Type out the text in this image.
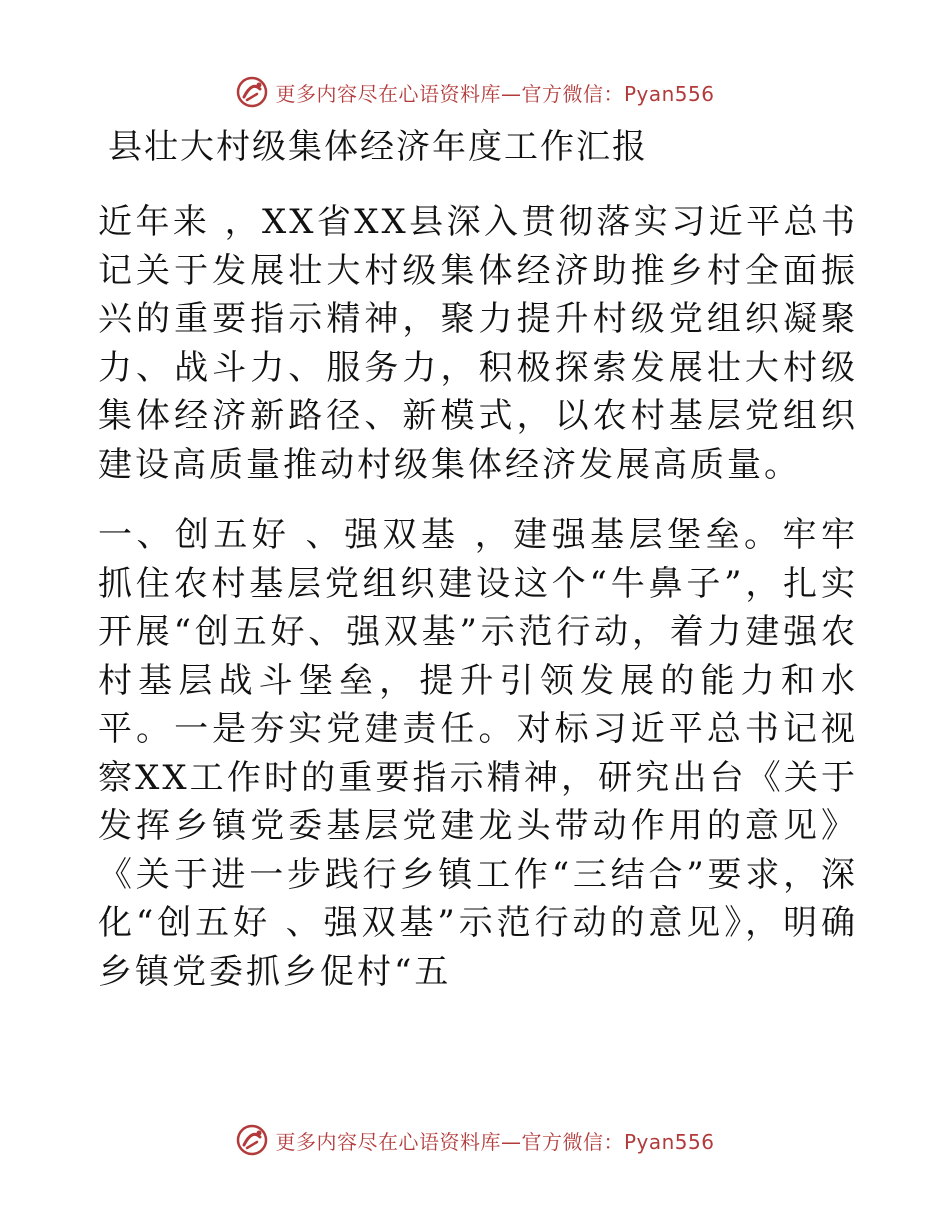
更多内容尽在心语资料库—官方微信：Pyan556
县壮大村级集体经济年度工作汇报

近年来 ，XX省XX县深入贯彻落实习近平总书记关于发展壮大村级集体经济助推乡村全面振兴的重要指示精神，聚力提升村级党组织凝聚力、战斗力、服务力，积极探索发展壮大村级集体经济新路径、新模式，以农村基层党组织建设高质量推动村级集体经济发展高质量。

一、创五好 、强双基 ，建强基层堡垒。牢牢抓住农村基层党组织建设这个“牛鼻子”，扎实开展“创五好、强双基”示范行动，着力建强农村基层战斗堡垒，提升引领发展的能力和水平。一是夯实党建责任。对标习近平总书记视察XX工作时的重要指示精神，研究出台《关于发挥乡镇党委基层党建龙头带动作用的意见》《关于进一步践行乡镇工作“三结合”要求，深化“创五好 、强双基”示范行动的意见》，明确乡镇党委抓乡促村“五

更多内容尽在心语资料库—官方微信：Pyan556
